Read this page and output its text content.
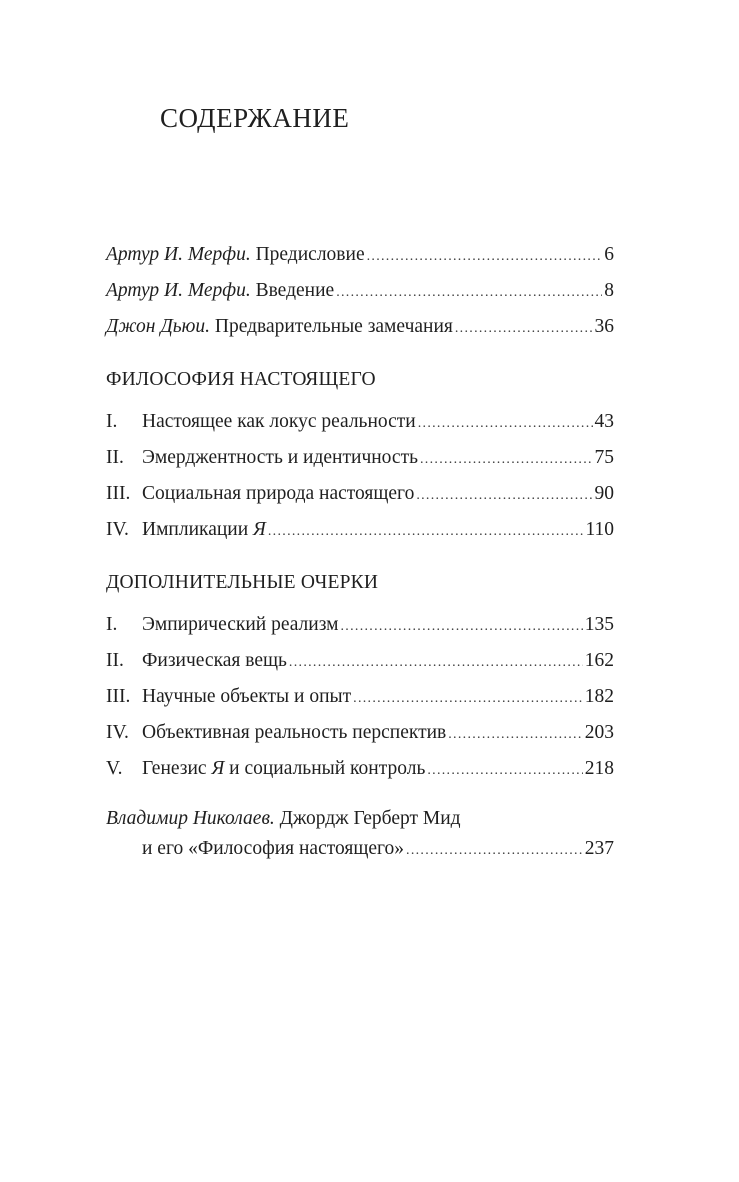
СОДЕРЖАНИЕ
Артур И. Мерфи. Предисловие .....	6
Артур И. Мерфи. Введение .....	8
Джон Дьюи. Предварительные замечания .....	36
ФИЛОСОФИЯ НАСТОЯЩЕГО
I.	Настоящее как локус реальности .....	43
II. Эмерджентность и идентичность .....	75
III. Социальная природа настоящего .....	90
IV. Импликации Я .....	110
ДОПОЛНИТЕЛЬНЫЕ ОЧЕРКИ
I.	Эмпирический реализм .....	135
II. Физическая вещь .....	162
III. Научные объекты и опыт .....	182
IV. Объективная реальность перспектив .....	203
V.	Генезис Я и социальный контроль .....	218
Владимир Николаев. Джордж Герберт Мид
и его «Философия настоящего» .....	237
